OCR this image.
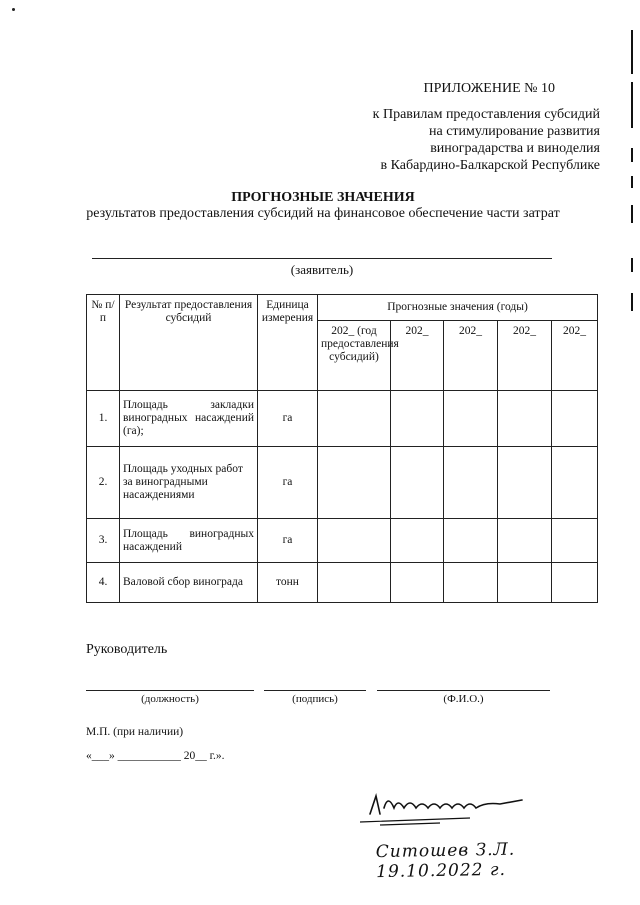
ПРИЛОЖЕНИЕ № 10
к Правилам предоставления субсидий
на стимулирование развития
виноградарства и виноделия
в Кабардино-Балкарской Республике
ПРОГНОЗНЫЕ ЗНАЧЕНИЯ
результатов предоставления субсидий на финансовое обеспечение части затрат
(заявитель)
№ п/п	Результат предоставления субсидий	Единица измерения	Прогнозные значения (годы)				
			202_ (год предоставления субсидий)	202_	202_	202_	202_
1.	Площадь закладки виноградных насаждений (га);	га					
2.	Площадь уходных работ за виноградными насаждениями	га					
3.	Площадь виноградных насаждений	га					
4.	Валовой сбор винограда	тонн					
Руководитель
(должность)	(подпись)	(Ф.И.О.)
М.П. (при наличии)
«___» ___________ 20__ г.».
Ситошев З.Л. 19.10.2022 г.
